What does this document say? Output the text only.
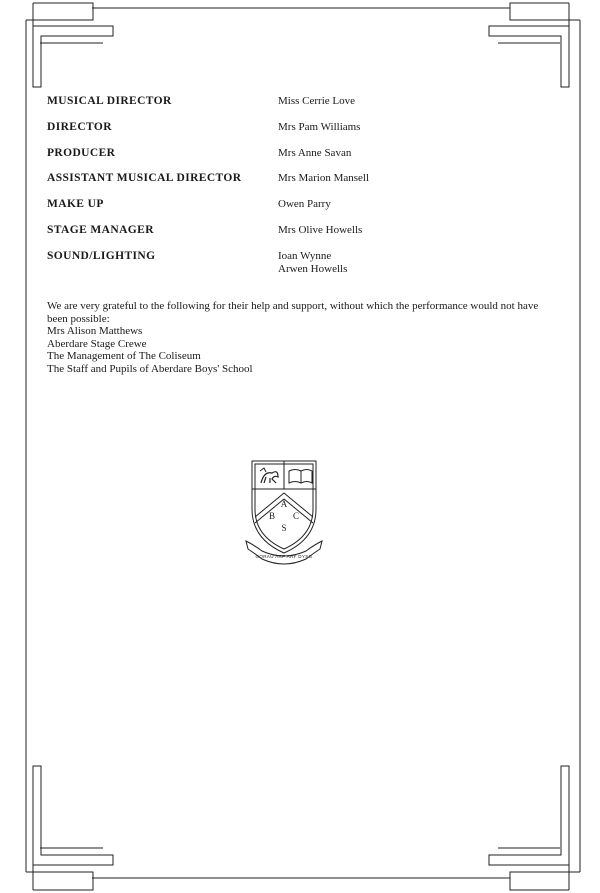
MUSICAL DIRECTOR	Miss Cerrie Love
DIRECTOR	Mrs Pam Williams
PRODUCER	Mrs Anne Savan
ASSISTANT MUSICAL DIRECTOR	Mrs Marion Mansell
MAKE UP	Owen Parry
STAGE MANAGER	Mrs Olive Howells
SOUND/LIGHTING	Ioan Wynne
Arwen Howells

We are very grateful to the following for their help and support, without which the performance would not have been possible:

Mrs Alison Matthews
Aberdare Stage Crewe
The Management of The Coliseum
The Staff and Pupils of Aberdare Boys' School
A
B C
S
GORAU ARF ARF DYSG
